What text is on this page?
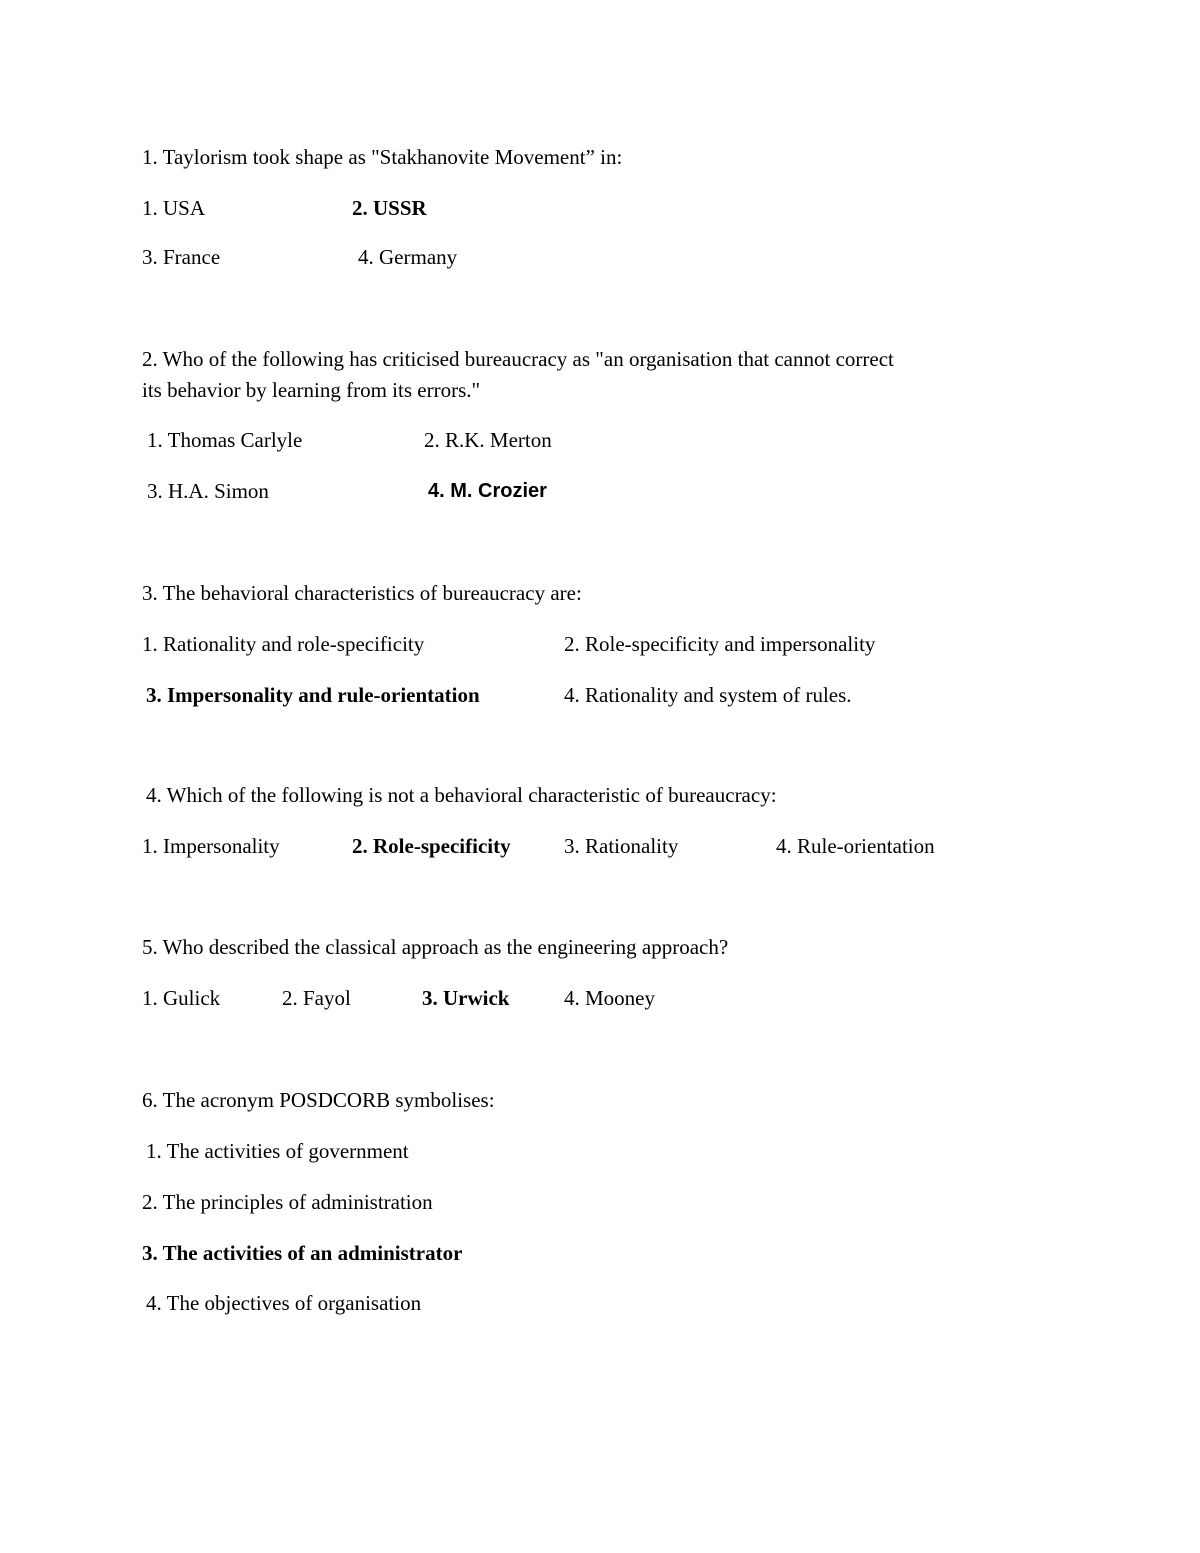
1. Taylorism took shape as "Stakhanovite Movement” in:
1. USA	2. USSR
3. France	4. Germany
2. Who of the following has criticised bureaucracy as "an organisation that cannot correct
its behavior by learning from its errors."
1. Thomas Carlyle	2. R.K. Merton
3. H.A. Simon	4. M. Crozier
3. The behavioral characteristics of bureaucracy are:
1. Rationality and role-specificity	2. Role-specificity and impersonality
3. Impersonality and rule-orientation	4. Rationality and system of rules.
4. Which of the following is not a behavioral characteristic of bureaucracy:
1. Impersonality	2. Role-specificity	3. Rationality	4. Rule-orientation
5. Who described the classical approach as the engineering approach?
1. Gulick	2. Fayol	3. Urwick	4. Mooney
6. The acronym POSDCORB symbolises:
1. The activities of government
2. The principles of administration
3. The activities of an administrator
4. The objectives of organisation
